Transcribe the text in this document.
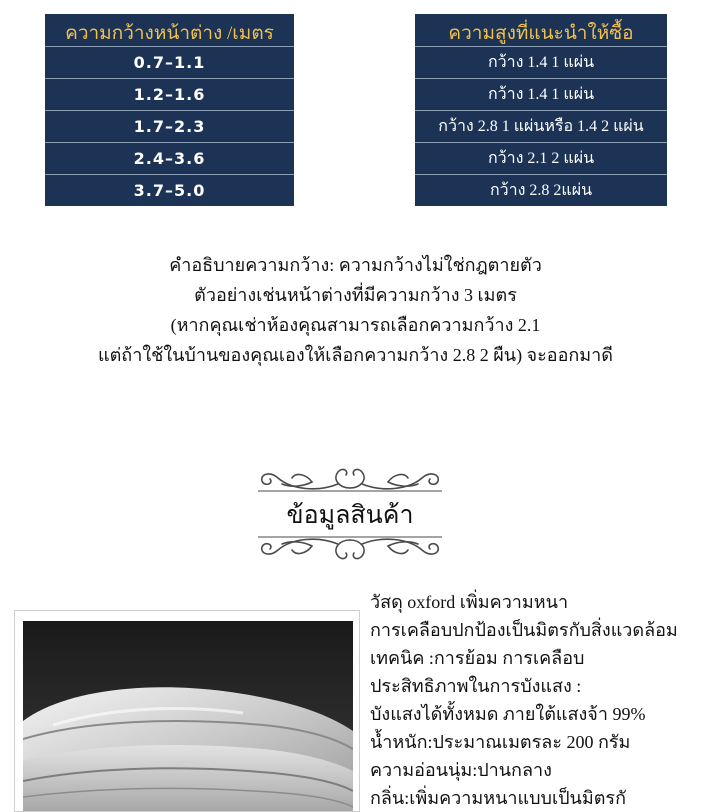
ความกว้างหน้าต่าง /เมตร
0.7–1.1
1.2–1.6
1.7–2.3
2.4–3.6
3.7–5.0
ความสูงที่แนะนำให้ซื้อ
กว้าง 1.4 1 แผ่น
กว้าง 1.4 1 แผ่น
กว้าง 2.8 1 แผ่นหรือ 1.4 2 แผ่น
กว้าง 2.1 2 แผ่น
กว้าง 2.8 2แผ่น
คำอธิบายความกว้าง: ความกว้างไม่ใช่กฎตายตัว
ตัวอย่างเช่นหน้าต่างที่มีความกว้าง 3 เมตร
(หากคุณเช่าห้องคุณสามารถเลือกความกว้าง 2.1
แต่ถ้าใช้ในบ้านของคุณเองให้เลือกความกว้าง 2.8 2 ผืน) จะออกมาดี
ข้อมูลสินค้า
วัสดุ oxford เพิ่มความหนา
การเคลือบปกป้องเป็นมิตรกับสิ่งแวดล้อม
เทคนิค :การย้อม การเคลือบ
ประสิทธิภาพในการบังแสง :
บังแสงได้ทั้งหมด ภายใต้แสงจ้า 99%
น้ำหนัก:ประมาณเมตรละ 200 กรัม
ความอ่อนนุ่ม:ปานกลาง
กลิ่น:เพิ่มความหนาแบบเป็นมิตรกั
